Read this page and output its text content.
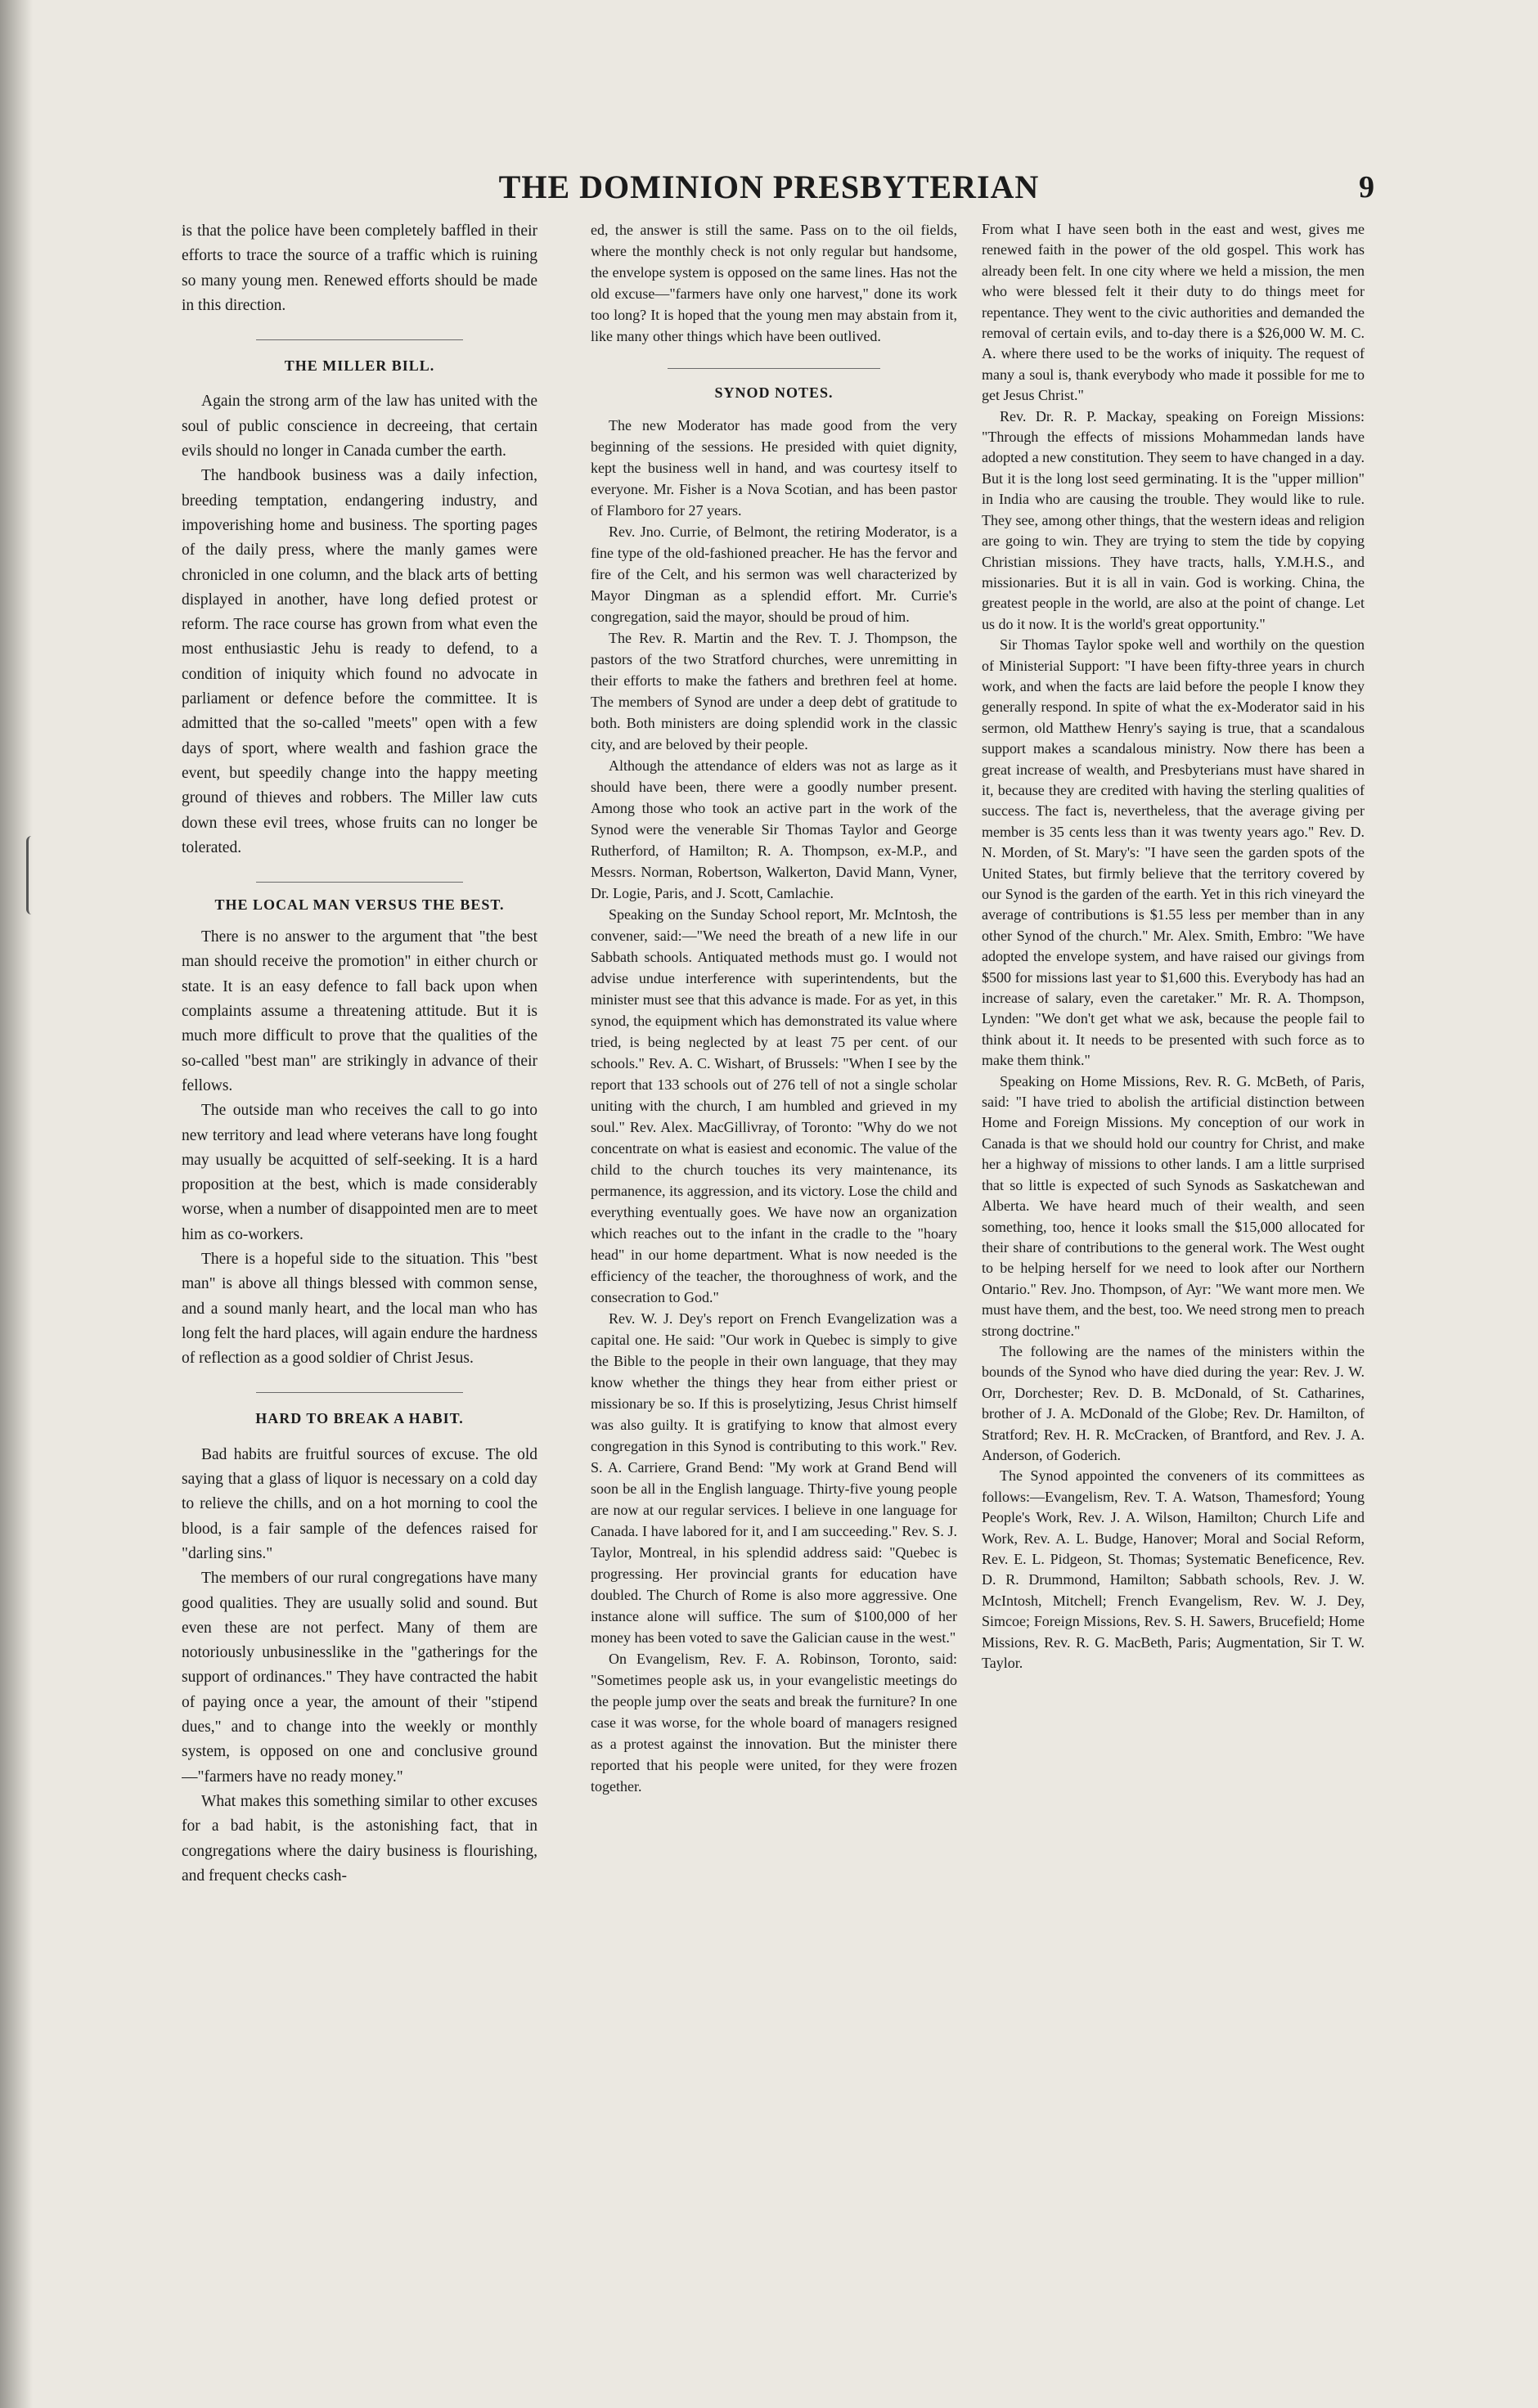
THE DOMINION PRESBYTERIAN	9

is that the police have been completely baffled in their efforts to trace the source of a traffic which is ruining so many young men. Renewed efforts should be made in this direction.

THE MILLER BILL.

Again the strong arm of the law has united with the soul of public conscience in decreeing, that certain evils should no longer in Canada cumber the earth.

The handbook business was a daily infection, breeding temptation, endangering industry, and impoverishing home and business. The sporting pages of the daily press, where the manly games were chronicled in one column, and the black arts of betting displayed in another, have long defied protest or reform. The race course has grown from what even the most enthusiastic Jehu is ready to defend, to a condition of iniquity which found no advocate in parliament or defence before the committee. It is admitted that the so-called "meets" open with a few days of sport, where wealth and fashion grace the event, but speedily change into the happy meeting ground of thieves and robbers. The Miller law cuts down these evil trees, whose fruits can no longer be tolerated.

THE LOCAL MAN VERSUS THE BEST.

There is no answer to the argument that "the best man should receive the promotion" in either church or state. It is an easy defence to fall back upon when complaints assume a threatening attitude. But it is much more difficult to prove that the qualities of the so-called "best man" are strikingly in advance of their fellows.

The outside man who receives the call to go into new territory and lead where veterans have long fought may usually be acquitted of self-seeking. It is a hard proposition at the best, which is made considerably worse, when a number of disappointed men are to meet him as co-workers.

There is a hopeful side to the situation. This "best man" is above all things blessed with common sense, and a sound manly heart, and the local man who has long felt the hard places, will again endure the hardness of reflection as a good soldier of Christ Jesus.

HARD TO BREAK A HABIT.

Bad habits are fruitful sources of excuse. The old saying that a glass of liquor is necessary on a cold day to relieve the chills, and on a hot morning to cool the blood, is a fair sample of the defences raised for "darling sins."

The members of our rural congregations have many good qualities. They are usually solid and sound. But even these are not perfect. Many of them are notoriously unbusinesslike in the "gatherings for the support of ordinances." They have contracted the habit of paying once a year, the amount of their "stipend dues," and to change into the weekly or monthly system, is opposed on one and conclusive ground—"farmers have no ready money."

What makes this something similar to other excuses for a bad habit, is the astonishing fact, that in congregations where the dairy business is flourishing, and frequent checks cash-

ed, the answer is still the same. Pass on to the oil fields, where the monthly check is not only regular but handsome, the envelope system is opposed on the same lines. Has not the old excuse—"farmers have only one harvest," done its work too long? It is hoped that the young men may abstain from it, like many other things which have been outlived.

SYNOD NOTES.

The new Moderator has made good from the very beginning of the sessions. He presided with quiet dignity, kept the business well in hand, and was courtesy itself to everyone. Mr. Fisher is a Nova Scotian, and has been pastor of Flamboro for 27 years.

Rev. Jno. Currie, of Belmont, the retiring Moderator, is a fine type of the old-fashioned preacher. He has the fervor and fire of the Celt, and his sermon was well characterized by Mayor Dingman as a splendid effort. Mr. Currie's congregation, said the mayor, should be proud of him.

The Rev. R. Martin and the Rev. T. J. Thompson, the pastors of the two Stratford churches, were unremitting in their efforts to make the fathers and brethren feel at home. The members of Synod are under a deep debt of gratitude to both. Both ministers are doing splendid work in the classic city, and are beloved by their people.

Although the attendance of elders was not as large as it should have been, there were a goodly number present. Among those who took an active part in the work of the Synod were the venerable Sir Thomas Taylor and George Rutherford, of Hamilton; R. A. Thompson, ex-M.P., and Messrs. Norman, Robertson, Walkerton, David Mann, Vyner, Dr. Logie, Paris, and J. Scott, Camlachie.

Speaking on the Sunday School report, Mr. McIntosh, the convener, said:—"We need the breath of a new life in our Sabbath schools. Antiquated methods must go. I would not advise undue interference with superintendents, but the minister must see that this advance is made. For as yet, in this synod, the equipment which has demonstrated its value where tried, is being neglected by at least 75 per cent. of our schools." Rev. A. C. Wishart, of Brussels: "When I see by the report that 133 schools out of 276 tell of not a single scholar uniting with the church, I am humbled and grieved in my soul." Rev. Alex. MacGillivray, of Toronto: "Why do we not concentrate on what is easiest and economic. The value of the child to the church touches its very maintenance, its permanence, its aggression, and its victory. Lose the child and everything eventually goes. We have now an organization which reaches out to the infant in the cradle to the "hoary head" in our home department. What is now needed is the efficiency of the teacher, the thoroughness of work, and the consecration to God."

Rev. W. J. Dey's report on French Evangelization was a capital one. He said: "Our work in Quebec is simply to give the Bible to the people in their own language, that they may know whether the things they hear from either priest or missionary be so. If this is proselytizing, Jesus Christ himself was also guilty. It is gratifying to know that almost every congregation in this Synod is contributing to this work." Rev. S. A. Carriere, Grand Bend: "My work at Grand Bend will soon be all in the English language. Thirty-five young people are now at our regular services. I believe in one language for Canada. I have labored for it, and I am succeeding." Rev. S. J. Taylor, Montreal, in his splendid address said: "Quebec is progressing. Her provincial grants for education have doubled. The Church of Rome is also more aggressive. One instance alone will suffice. The sum of $100,000 of her money has been voted to save the Galician cause in the west."

On Evangelism, Rev. F. A. Robinson, Toronto, said: "Sometimes people ask us, in your evangelistic meetings do the people jump over the seats and break the furniture? In one case it was worse, for the whole board of managers resigned as a protest against the innovation. But the minister there reported that his people were united, for they were frozen together.

From what I have seen both in the east and west, gives me renewed faith in the power of the old gospel. This work has already been felt. In one city where we held a mission, the men who were blessed felt it their duty to do things meet for repentance. They went to the civic authorities and demanded the removal of certain evils, and to-day there is a $26,000 W. M. C. A. where there used to be the works of iniquity. The request of many a soul is, thank everybody who made it possible for me to get Jesus Christ."

Rev. Dr. R. P. Mackay, speaking on Foreign Missions: "Through the effects of missions Mohammedan lands have adopted a new constitution. They seem to have changed in a day. But it is the long lost seed germinating. It is the "upper million" in India who are causing the trouble. They would like to rule. They see, among other things, that the western ideas and religion are going to win. They are trying to stem the tide by copying Christian missions. They have tracts, halls, Y.M.H.S., and missionaries. But it is all in vain. God is working. China, the greatest people in the world, are also at the point of change. Let us do it now. It is the world's great opportunity."

Sir Thomas Taylor spoke well and worthily on the question of Ministerial Support: "I have been fifty-three years in church work, and when the facts are laid before the people I know they generally respond. In spite of what the ex-Moderator said in his sermon, old Matthew Henry's saying is true, that a scandalous support makes a scandalous ministry. Now there has been a great increase of wealth, and Presbyterians must have shared in it, because they are credited with having the sterling qualities of success. The fact is, nevertheless, that the average giving per member is 35 cents less than it was twenty years ago." Rev. D. N. Morden, of St. Mary's: "I have seen the garden spots of the United States, but firmly believe that the territory covered by our Synod is the garden of the earth. Yet in this rich vineyard the average of contributions is $1.55 less per member than in any other Synod of the church." Mr. Alex. Smith, Embro: "We have adopted the envelope system, and have raised our givings from $500 for missions last year to $1,600 this. Everybody has had an increase of salary, even the caretaker." Mr. R. A. Thompson, Lynden: "We don't get what we ask, because the people fail to think about it. It needs to be presented with such force as to make them think."

Speaking on Home Missions, Rev. R. G. McBeth, of Paris, said: "I have tried to abolish the artificial distinction between Home and Foreign Missions. My conception of our work in Canada is that we should hold our country for Christ, and make her a highway of missions to other lands. I am a little surprised that so little is expected of such Synods as Saskatchewan and Alberta. We have heard much of their wealth, and seen something, too, hence it looks small the $15,000 allocated for their share of contributions to the general work. The West ought to be helping herself for we need to look after our Northern Ontario." Rev. Jno. Thompson, of Ayr: "We want more men. We must have them, and the best, too. We need strong men to preach strong doctrine."

The following are the names of the ministers within the bounds of the Synod who have died during the year: Rev. J. W. Orr, Dorchester; Rev. D. B. McDonald, of St. Catharines, brother of J. A. McDonald of the Globe; Rev. Dr. Hamilton, of Stratford; Rev. H. R. McCracken, of Brantford, and Rev. J. A. Anderson, of Goderich.

The Synod appointed the conveners of its committees as follows:—Evangelism, Rev. T. A. Watson, Thamesford; Young People's Work, Rev. J. A. Wilson, Hamilton; Church Life and Work, Rev. A. L. Budge, Hanover; Moral and Social Reform, Rev. E. L. Pidgeon, St. Thomas; Systematic Beneficence, Rev. D. R. Drummond, Hamilton; Sabbath schools, Rev. J. W. McIntosh, Mitchell; French Evangelism, Rev. W. J. Dey, Simcoe; Foreign Missions, Rev. S. H. Sawers, Brucefield; Home Missions, Rev. R. G. MacBeth, Paris; Augmentation, Sir T. W. Taylor.
